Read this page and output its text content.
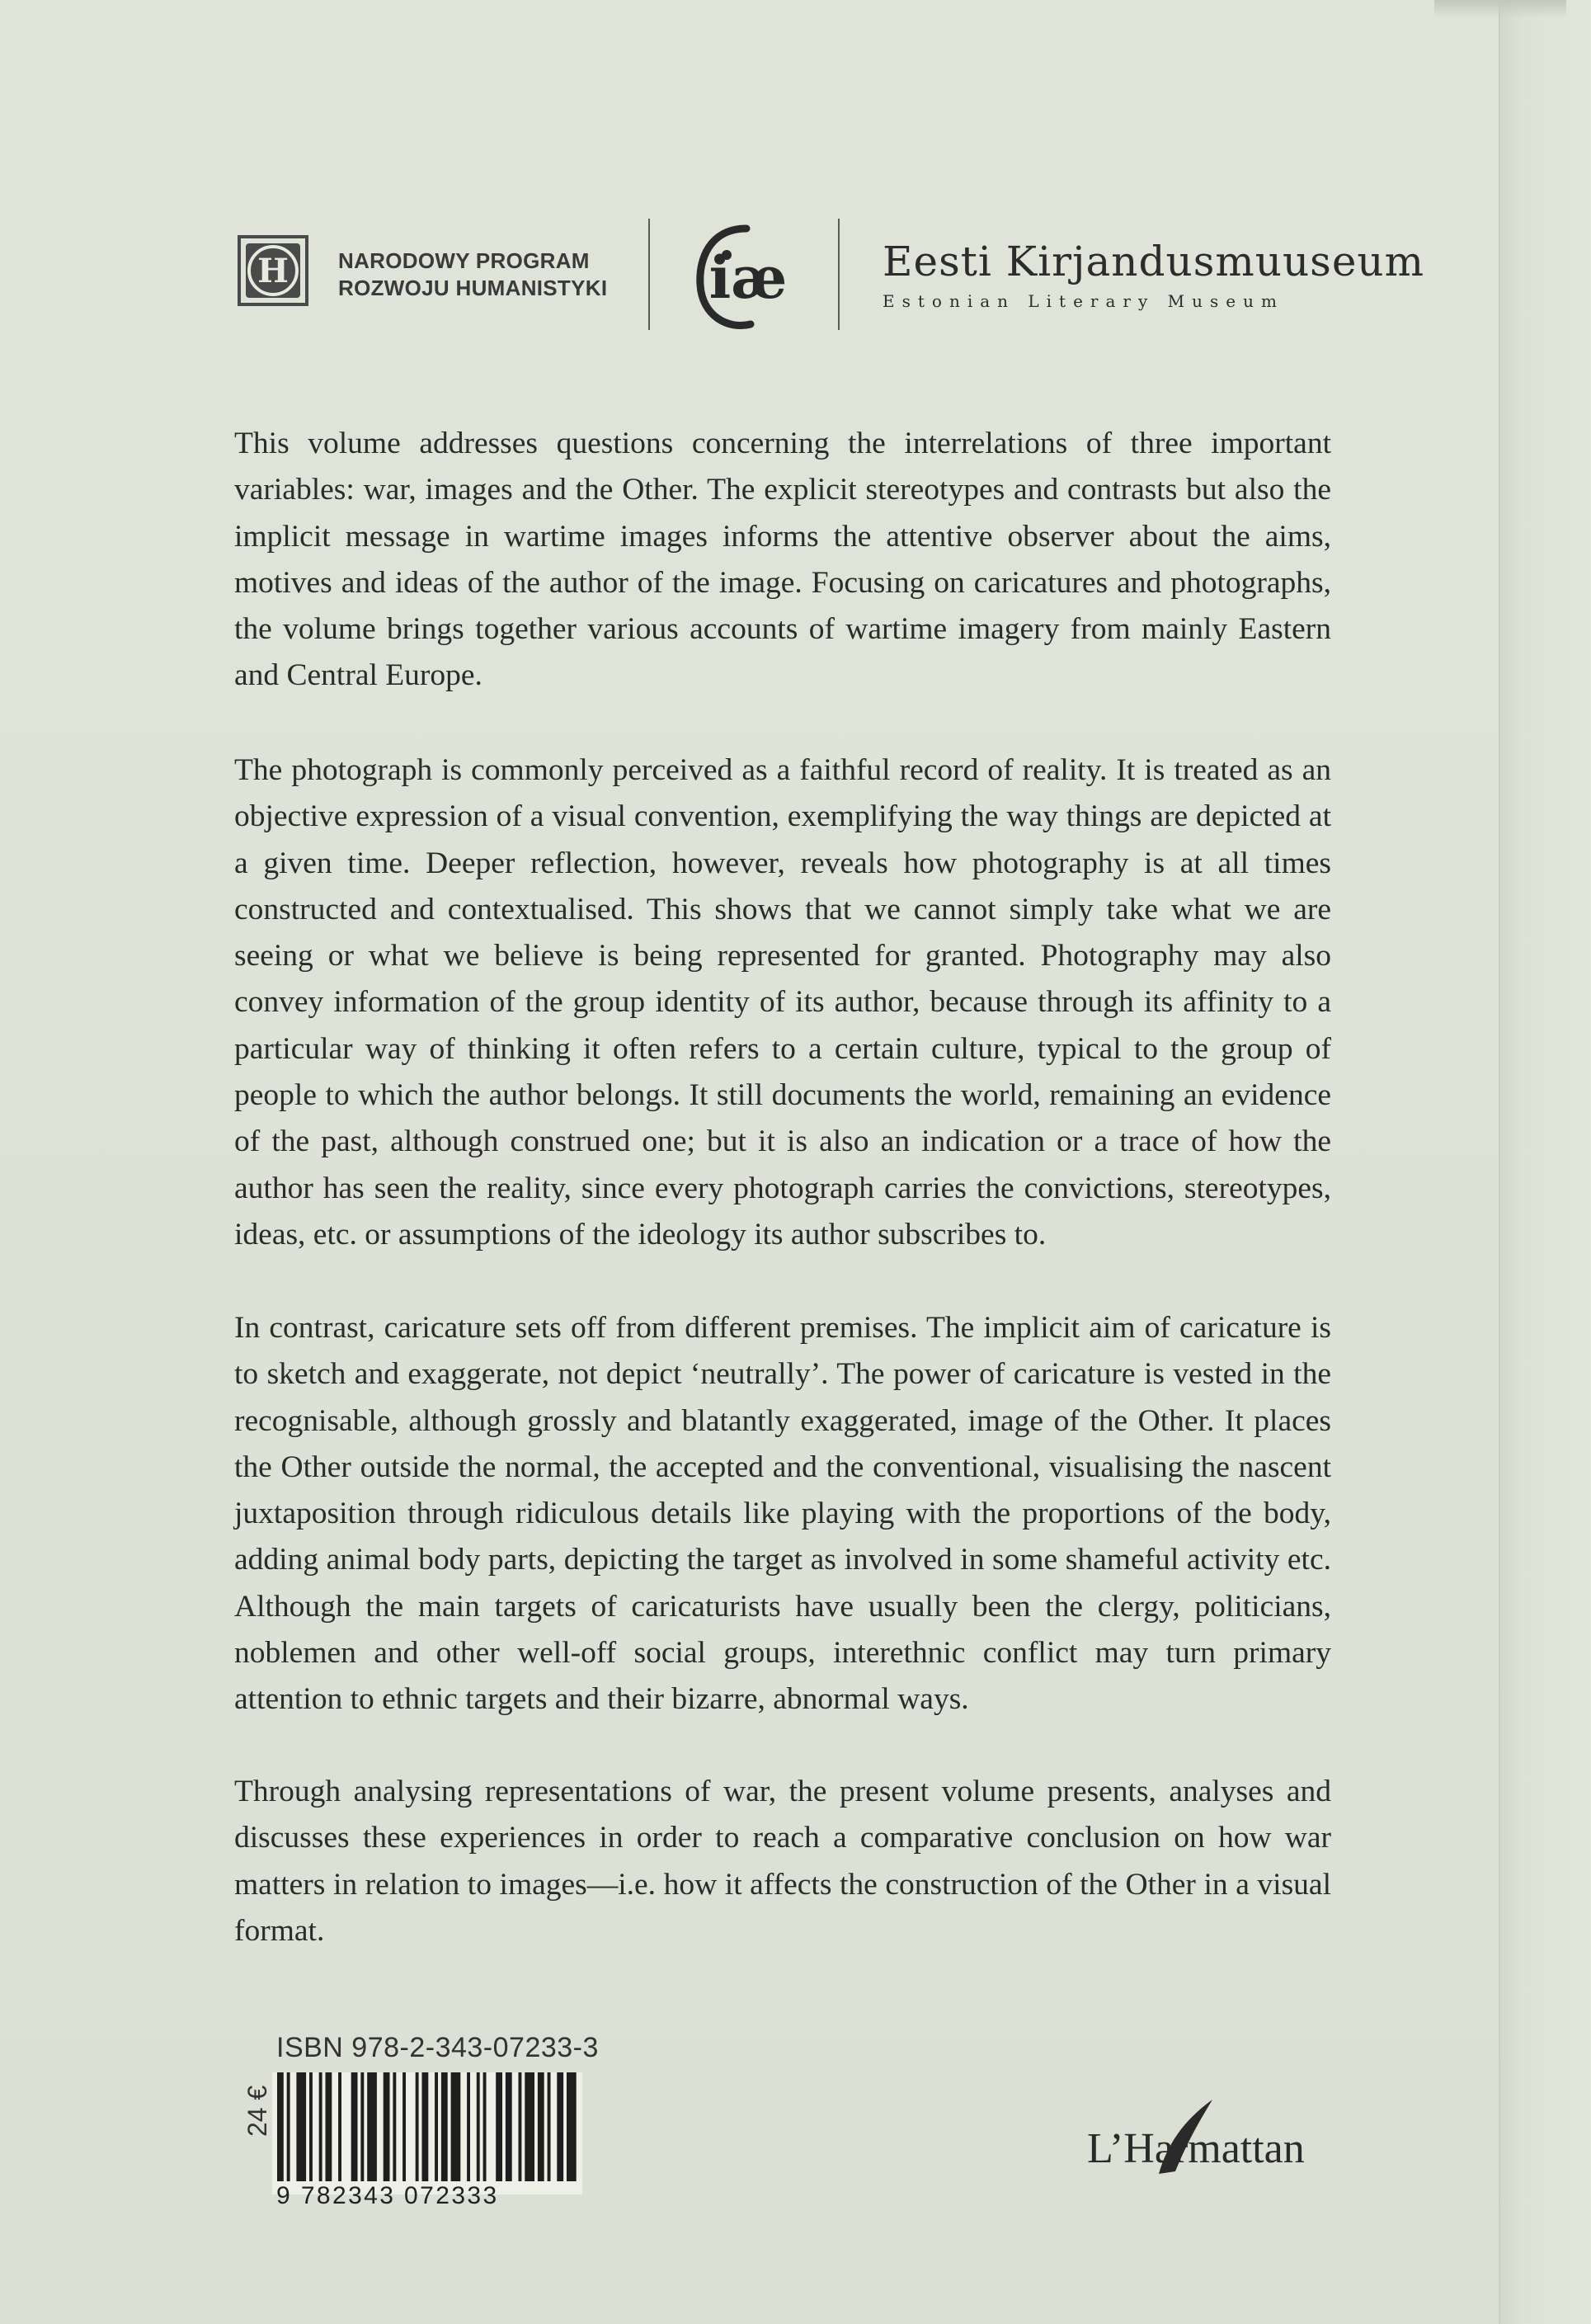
H	NARODOWY PROGRAM
ROZWOJU HUMANISTYKI iæ Eesti Kirjandusmuuseum
Estonian Literary Museum
This volume addresses questions concerning the interrelations of three important variables: war, images and the Other. The explicit stereotypes and contrasts but also the implicit message in wartime images informs the attentive observer about the aims, motives and ideas of the author of the image. Focusing on caricatures and photographs, the volume brings together various accounts of wartime imagery from mainly Eastern and Central Europe.
The photograph is commonly perceived as a faithful record of reality. It is treated as an objective expression of a visual convention, exemplifying the way things are depicted at a given time. Deeper reflection, however, reveals how photography is at all times constructed and contextualised. This shows that we cannot simply take what we are seeing or what we believe is being represented for granted. Photography may also convey information of the group identity of its author, because through its affinity to a particular way of thinking it often refers to a certain culture, typical to the group of people to which the author belongs. It still documents the world, remaining an evidence of the past, although construed one; but it is also an indication or a trace of how the author has seen the reality, since every photograph carries the convictions, stereotypes, ideas, etc. or assumptions of the ideology its author subscribes to.
In contrast, caricature sets off from different premises. The implicit aim of caricature is to sketch and exaggerate, not depict ‘neutrally’. The power of caricature is vested in the recognisable, although grossly and blatantly exaggerated, image of the Other. It places the Other outside the normal, the accepted and the conventional, visualising the nascent juxtaposition through ridiculous details like playing with the proportions of the body, adding animal body parts, depicting the target as involved in some shameful activity etc. Although the main targets of caricaturists have usually been the clergy, politicians, noblemen and other well-off social groups, interethnic conflict may turn primary attention to ethnic targets and their bizarre, abnormal ways.
Through analysing representations of war, the present volume presents, analyses and discusses these experiences in order to reach a comparative conclusion on how war matters in relation to images—i.e. how it affects the construction of the Other in a visual format.
ISBN 978-2-343-07233-3
24 €
9 782343 072333
L’Harmattan
